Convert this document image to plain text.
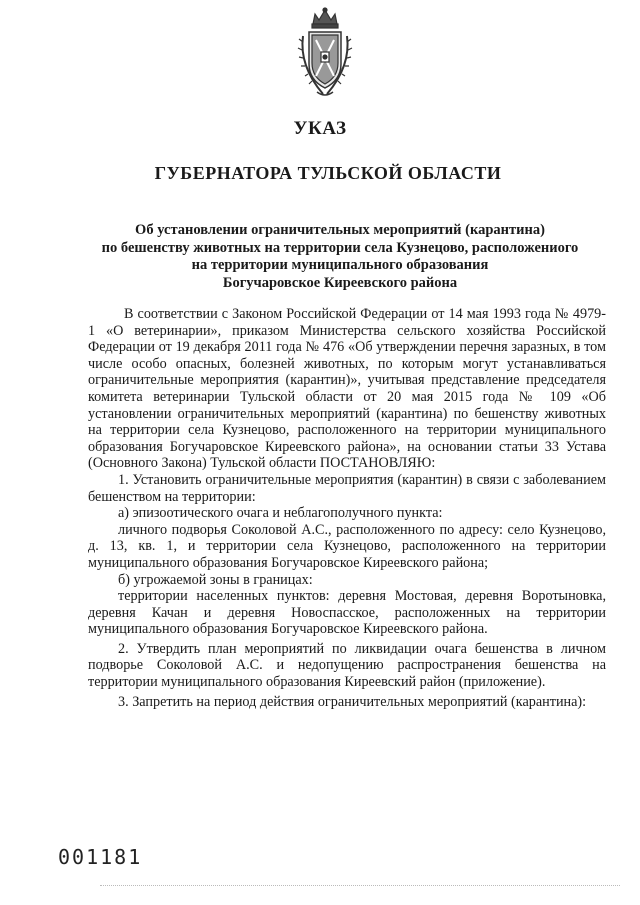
УКАЗ
ГУБЕРНАТОРА ТУЛЬСКОЙ ОБЛАСТИ
Об установлении ограничительных мероприятий (карантина)
по бешенству животных на территории села Кузнецово, расположениого
на территории муниципального образования
Богучаровское Киреевского района

В соответствии с Законом Российской Федерации от 14 мая 1993 года № 4979-1 «О ветеринарии», приказом Министерства сельского хозяйства Российской Федерации от 19 декабря 2011 года № 476 «Об утверждении перечня заразных, в том числе особо опасных, болезней животных, по которым могут устанавливаться ограничительные мероприятия (карантин)», учитывая представление председателя комитета ветеринарии Тульской области от 20 мая 2015 года № 109 «Об установлении ограничительных мероприятий (карантина) по бешенству животных на территории села Кузнецово, расположенного на территории муниципального образования Богучаровское Киреевского района», на основании статьи 33 Устава (Основного Закона) Тульской области ПОСТАНОВЛЯЮ:

1. Установить ограничительные мероприятия (карантин) в связи с заболеванием бешенством на территории:

а) эпизоотического очага и неблагополучного пункта:

личного подворья Соколовой А.С., расположенного по адресу: село Кузнецово, д. 13, кв. 1, и территории села Кузнецово, расположенного на территории муниципального образования Богучаровское Киреевского района;

б) угрожаемой зоны в границах:

территории населенных пунктов: деревня Мостовая, деревня Воротыновка, деревня Качан и деревня Новоспасское, расположенных на территории муниципального образования Богучаровское Киреевского района.

2. Утвердить план мероприятий по ликвидации очага бешенства в личном подворье Соколовой А.С. и недопущению распространения бешенства на территории муниципального образования Киреевский район (приложение).

3. Запретить на период действия ограничительных мероприятий (карантина):

001181
